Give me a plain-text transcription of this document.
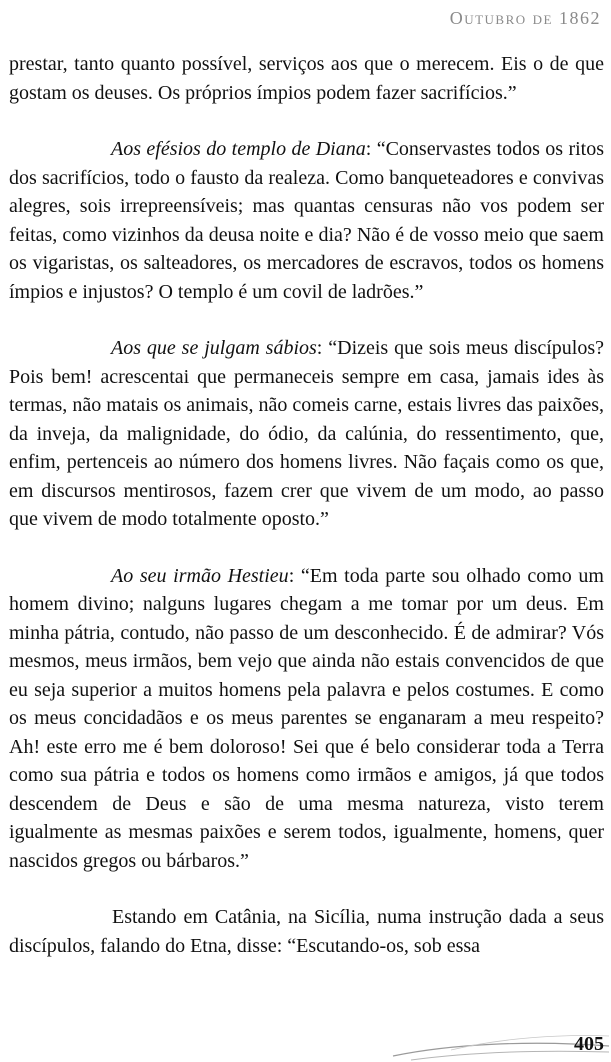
Outubro de 1862

prestar, tanto quanto possível, serviços aos que o merecem. Eis o de que gostam os deuses. Os próprios ímpios podem fazer sacrifícios.”

Aos efésios do templo de Diana: “Conservastes todos os ritos dos sacrifícios, todo o fausto da realeza. Como banqueteadores e convivas alegres, sois irrepreensíveis; mas quantas censuras não vos podem ser feitas, como vizinhos da deusa noite e dia? Não é de vosso meio que saem os vigaristas, os salteadores, os mercadores de escravos, todos os homens ímpios e injustos? O templo é um covil de ladrões.”

Aos que se julgam sábios: “Dizeis que sois meus discípulos? Pois bem! acrescentai que permaneceis sempre em casa, jamais ides às termas, não matais os animais, não comeis carne, estais livres das paixões, da inveja, da malignidade, do ódio, da calúnia, do ressentimento, que, enfim, pertenceis ao número dos homens livres. Não façais como os que, em discursos mentirosos, fazem crer que vivem de um modo, ao passo que vivem de modo totalmente oposto.”

Ao seu irmão Hestieu: “Em toda parte sou olhado como um homem divino; nalguns lugares chegam a me tomar por um deus. Em minha pátria, contudo, não passo de um desconhecido. É de admirar? Vós mesmos, meus irmãos, bem vejo que ainda não estais convencidos de que eu seja superior a muitos homens pela palavra e pelos costumes. E como os meus concidadãos e os meus parentes se enganaram a meu respeito? Ah! este erro me é bem doloroso! Sei que é belo considerar toda a Terra como sua pátria e todos os homens como irmãos e amigos, já que todos descendem de Deus e são de uma mesma natureza, visto terem igualmente as mesmas paixões e serem todos, igualmente, homens, quer nascidos gregos ou bárbaros.”

Estando em Catânia, na Sicília, numa instrução dada a seus discípulos, falando do Etna, disse: “Escutando-os, sob essa

405
